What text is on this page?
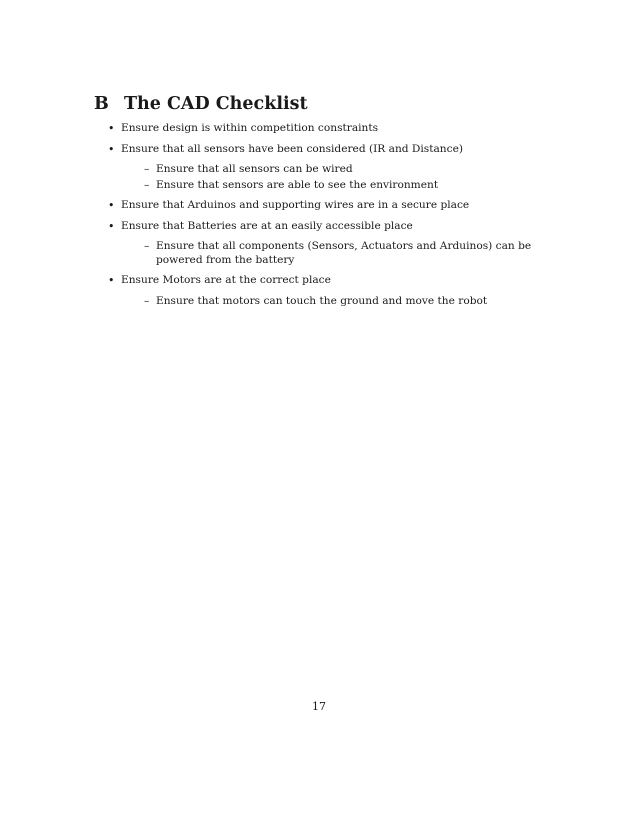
B The CAD Checklist
• Ensure design is within competition constraints
• Ensure that all sensors have been considered (IR and Distance)
– Ensure that all sensors can be wired
– Ensure that sensors are able to see the environment
• Ensure that Arduinos and supporting wires are in a secure place
• Ensure that Batteries are at an easily accessible place
– Ensure that all components (Sensors, Actuators and Arduinos) can be powered from the battery
• Ensure Motors are at the correct place
– Ensure that motors can touch the ground and move the robot
17
